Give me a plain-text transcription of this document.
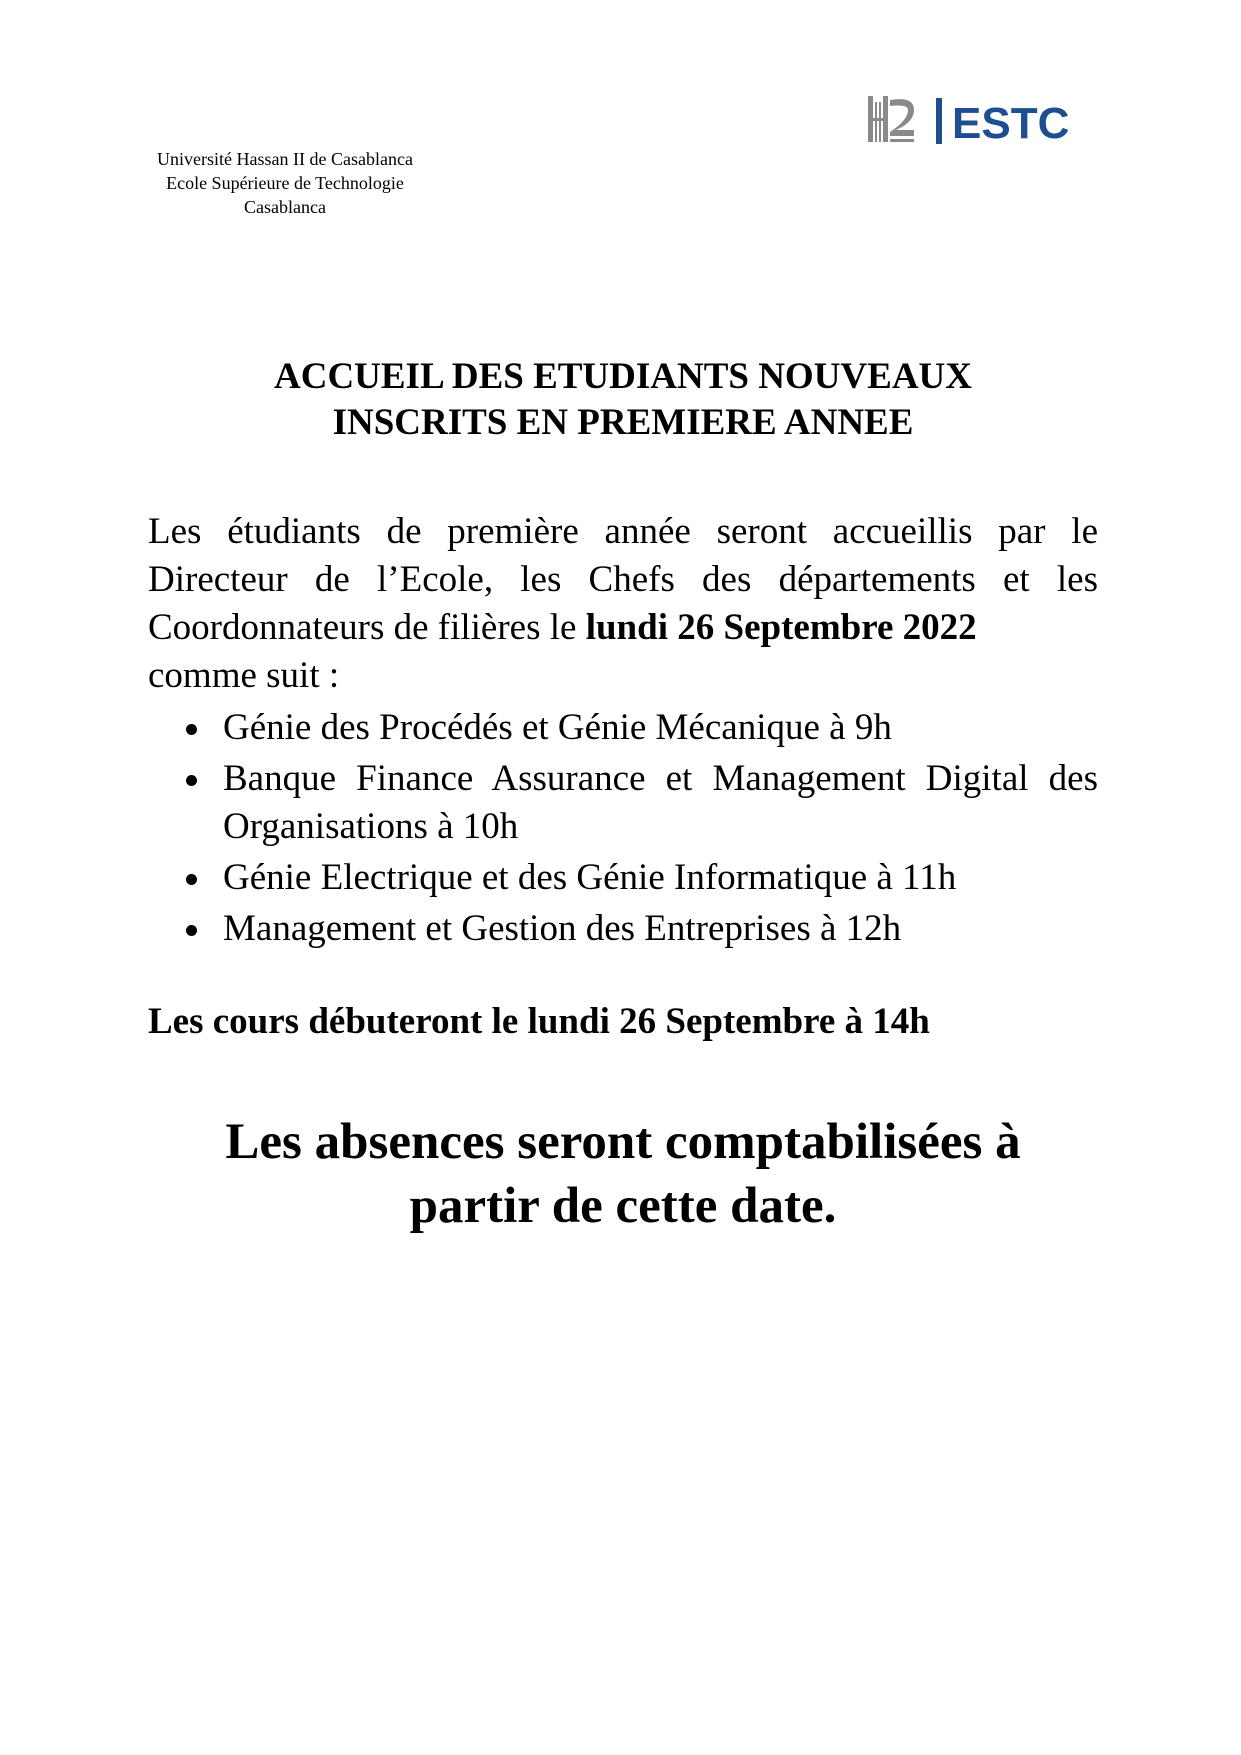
Université Hassan II de Casablanca
Ecole Supérieure de Technologie
Casablanca
ESTC
ACCUEIL DES ETUDIANTS NOUVEAUX
INSCRITS EN PREMIERE ANNEE
Les étudiants de première année seront accueillis par le Directeur de l’Ecole, les Chefs des départements et les Coordonnateurs de filières le lundi 26 Septembre 2022
comme suit :
Génie des Procédés et Génie Mécanique à 9h
Banque Finance Assurance et Management Digital des Organisations à 10h
Génie Electrique et des Génie Informatique à 11h
Management et Gestion des Entreprises à 12h
Les cours débuteront le lundi 26 Septembre à 14h
Les absences seront comptabilisées à
partir de cette date.
